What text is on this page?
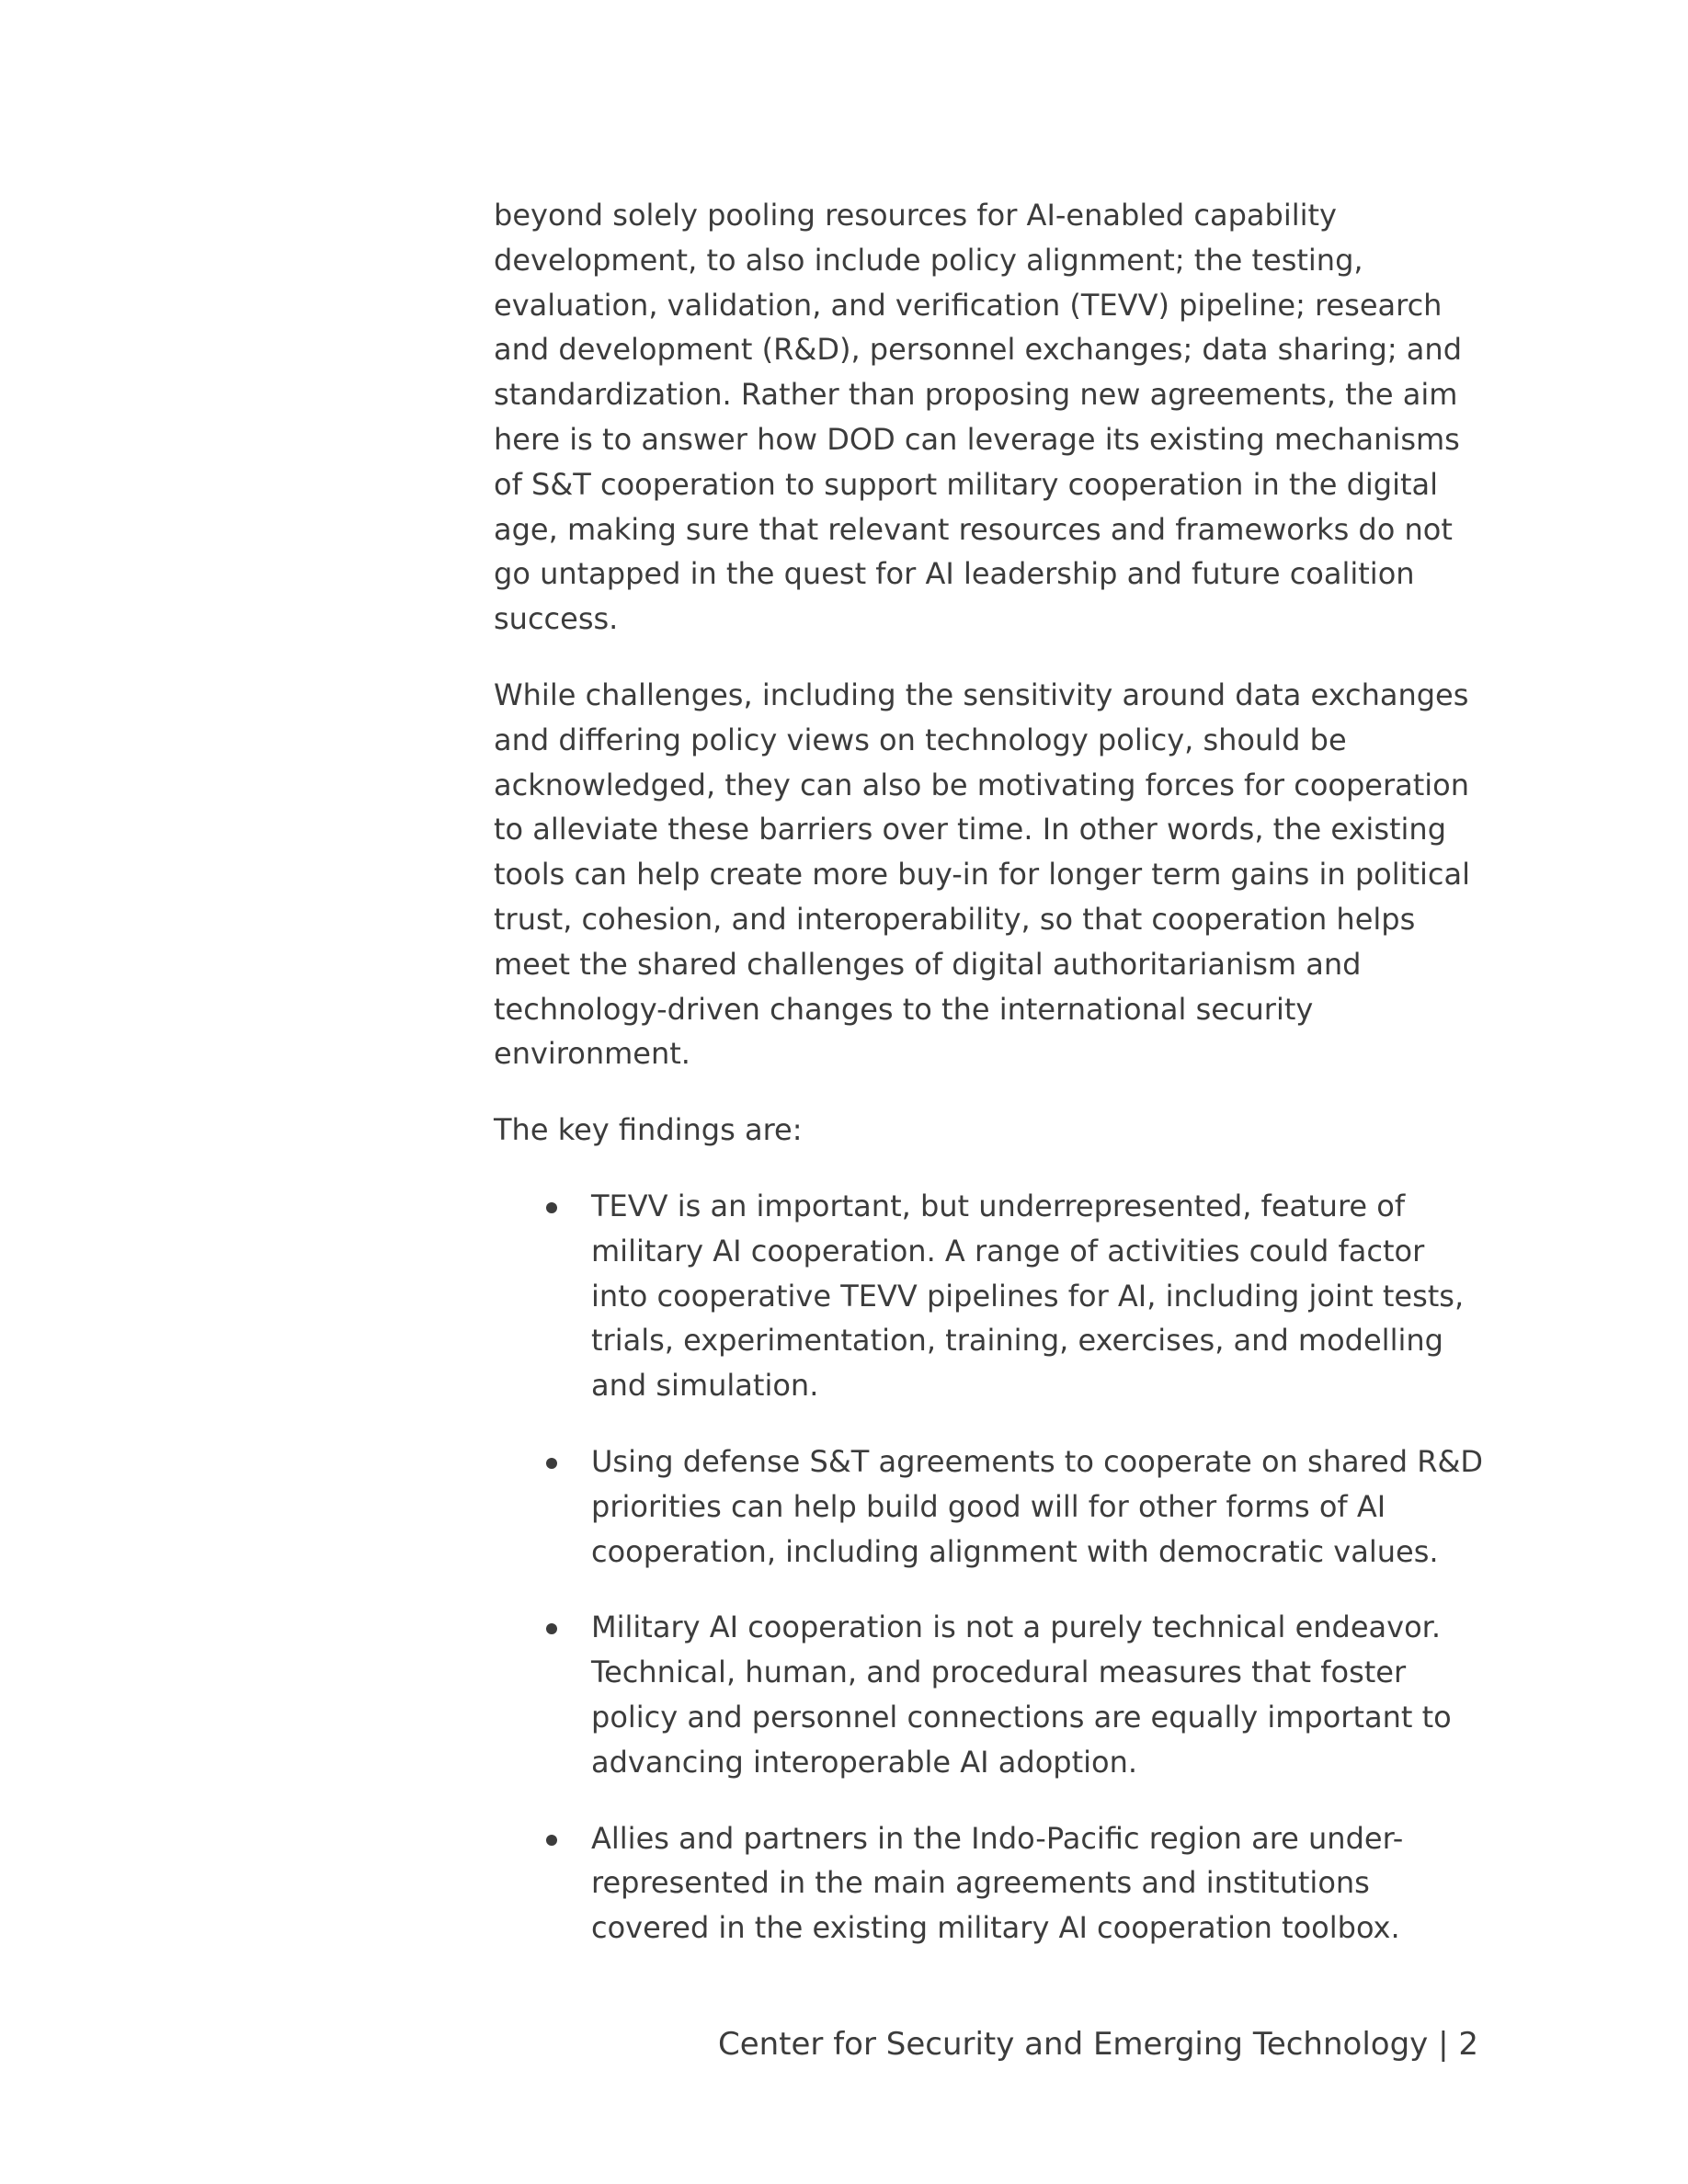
beyond solely pooling resources for AI-enabled capability development, to also include policy alignment; the testing, evaluation, validation, and verification (TEVV) pipeline; research and development (R&D), personnel exchanges; data sharing; and standardization. Rather than proposing new agreements, the aim here is to answer how DOD can leverage its existing mechanisms of S&T cooperation to support military cooperation in the digital age, making sure that relevant resources and frameworks do not go untapped in the quest for AI leadership and future coalition success.

While challenges, including the sensitivity around data exchanges and differing policy views on technology policy, should be acknowledged, they can also be motivating forces for cooperation to alleviate these barriers over time. In other words, the existing tools can help create more buy-in for longer term gains in political trust, cohesion, and interoperability, so that cooperation helps meet the shared challenges of digital authoritarianism and technology-driven changes to the international security environment.

The key findings are:

TEVV is an important, but underrepresented, feature of military AI cooperation. A range of activities could factor into cooperative TEVV pipelines for AI, including joint tests, trials, experimentation, training, exercises, and modelling and simulation.
Using defense S&T agreements to cooperate on shared R&D priorities can help build good will for other forms of AI cooperation, including alignment with democratic values.
Military AI cooperation is not a purely technical endeavor. Technical, human, and procedural measures that foster policy and personnel connections are equally important to advancing interoperable AI adoption.
Allies and partners in the Indo-Pacific region are under-represented in the main agreements and institutions covered in the existing military AI cooperation toolbox.
Center for Security and Emerging Technology | 2
